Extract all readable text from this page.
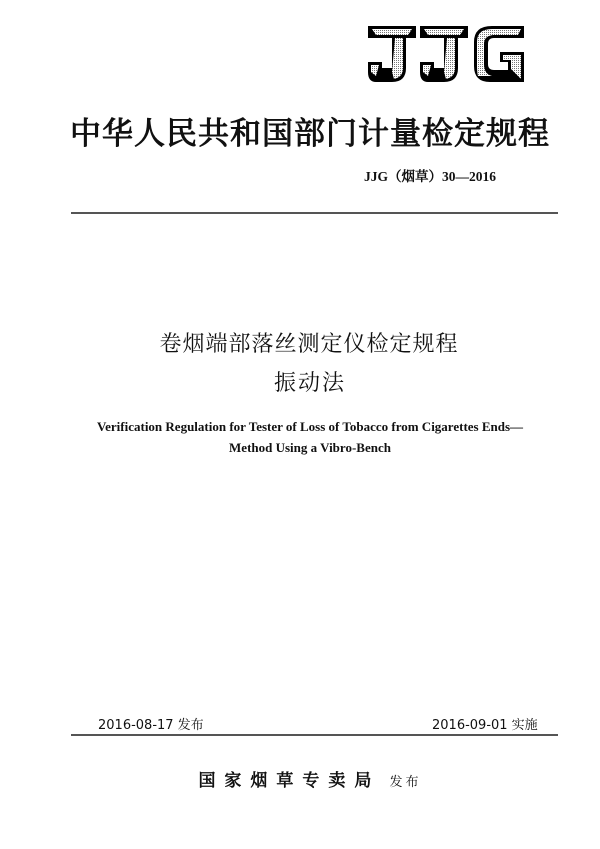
中华人民共和国部门计量检定规程
JJG（烟草）30—2016
卷烟端部落丝测定仪检定规程
振动法
Verification Regulation for Tester of Loss of Tobacco from Cigarettes Ends—
Method Using a Vibro-Bench
2016-08-17 发布	2016-09-01 实施
国家烟草专卖局 发布
